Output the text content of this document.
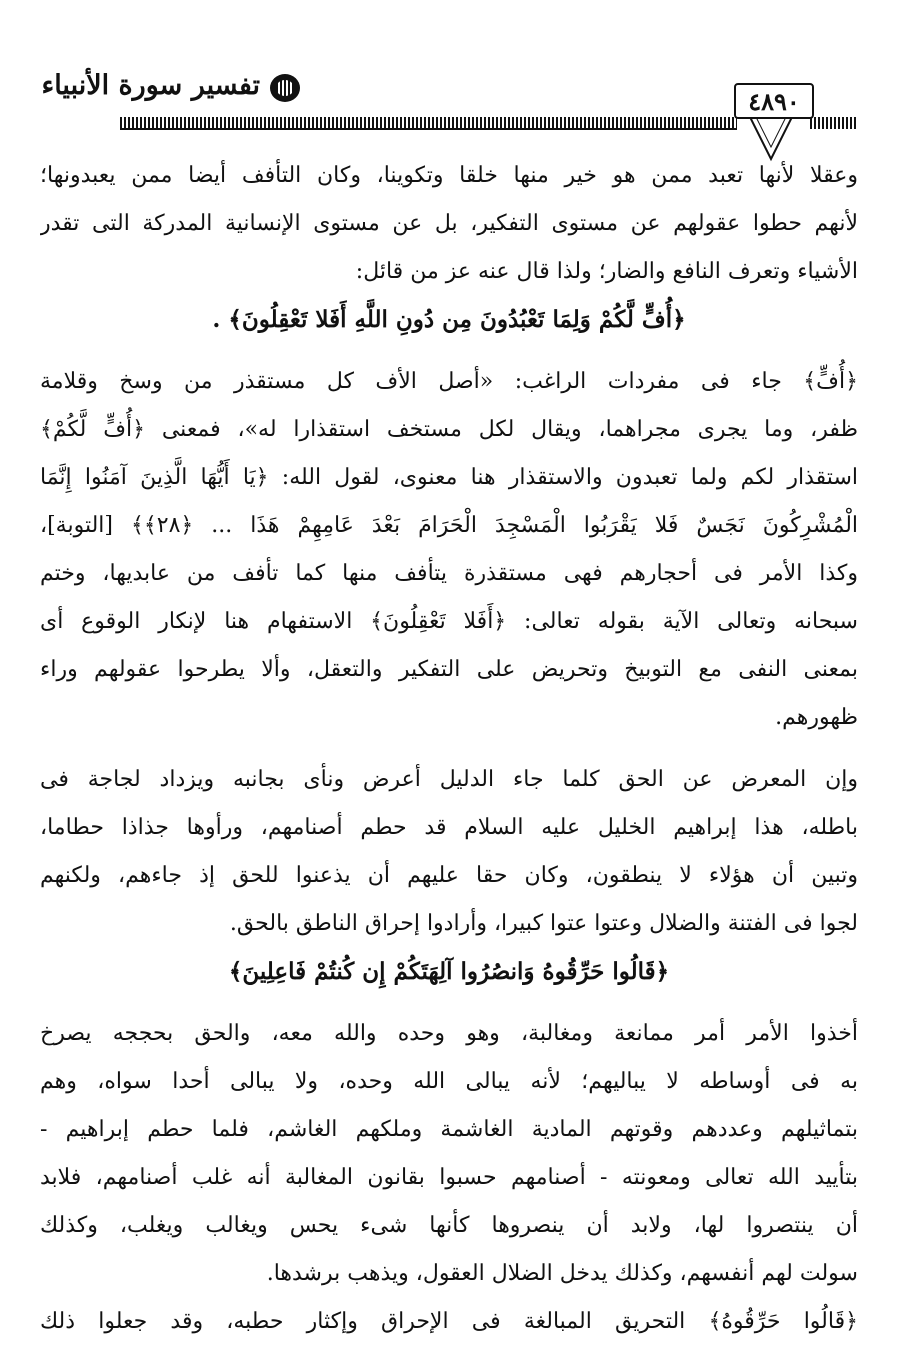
تفسير سورة الأنبياء	٤٨٩٠
وعقلا لأنها تعبد ممن هو خير منها خلقا وتكوينا، وكان التأفف أيضا ممن يعبدونها؛
لأنهم حطوا عقولهم عن مستوى التفكير، بل عن مستوى الإنسانية المدركة التى تقدر
الأشياء وتعرف النافع والضار؛ ولذا قال عنه عز من قائل:
﴿أُفٍّ لَّكُمْ وَلِمَا تَعْبُدُونَ مِن دُونِ اللَّهِ أَفَلا تَعْقِلُونَ﴾ .
﴿أُفٍّ﴾ جاء فى مفردات الراغب: «أصل الأف كل مستقذر من وسخ وقلامة
ظفر، وما يجرى مجراهما، ويقال لكل مستخف استقذارا له»، فمعنى ﴿أُفٍّ لَّكُمْ﴾
استقذار لكم ولما تعبدون والاستقذار هنا معنوى، لقول الله: ﴿يَا أَيُّهَا الَّذِينَ آمَنُوا إِنَّمَا
الْمُشْرِكُونَ نَجَسٌ فَلا يَقْرَبُوا الْمَسْجِدَ الْحَرَامَ بَعْدَ عَامِهِمْ هَذَا ... ﴿٢٨﴾﴾ [التوبة]،
وكذا الأمر فى أحجارهم فهى مستقذرة يتأفف منها كما تأفف من عابديها، وختم
سبحانه وتعالى الآية بقوله تعالى: ﴿أَفَلا تَعْقِلُونَ﴾ الاستفهام هنا لإنكار الوقوع أى
بمعنى النفى مع التوبيخ وتحريض على التفكير والتعقل، وألا يطرحوا عقولهم وراء
ظهورهم.
وإن المعرض عن الحق كلما جاء الدليل أعرض ونأى بجانبه ويزداد لجاجة فى
باطله، هذا إبراهيم الخليل عليه السلام قد حطم أصنامهم، ورأوها جذاذا حطاما،
وتبين أن هؤلاء لا ينطقون، وكان حقا عليهم أن يذعنوا للحق إذ جاءهم، ولكنهم
لجوا فى الفتنة والضلال وعتوا عتوا كبيرا، وأرادوا إحراق الناطق بالحق.
﴿قَالُوا حَرِّقُوهُ وَانصُرُوا آلِهَتَكُمْ إِن كُنتُمْ فَاعِلِينَ﴾
أخذوا الأمر أمر ممانعة ومغالبة، وهو وحده والله معه، والحق بحججه يصرخ
به فى أوساطه لا يباليهم؛ لأنه يبالى الله وحده، ولا يبالى أحدا سواه، وهم
بتماثيلهم وعددهم وقوتهم المادية الغاشمة وملكهم الغاشم، فلما حطم إبراهيم -
بتأييد الله تعالى ومعونته - أصنامهم حسبوا بقانون المغالبة أنه غلب أصنامهم، فلابد
أن ينتصروا لها، ولابد أن ينصروها كأنها شىء يحس ويغالب ويغلب، وكذلك
سولت لهم أنفسهم، وكذلك يدخل الضلال العقول، ويذهب برشدها.
﴿قَالُوا حَرِّقُوهُ﴾ التحريق المبالغة فى الإحراق وإكثار حطبه، وقد جعلوا ذلك
